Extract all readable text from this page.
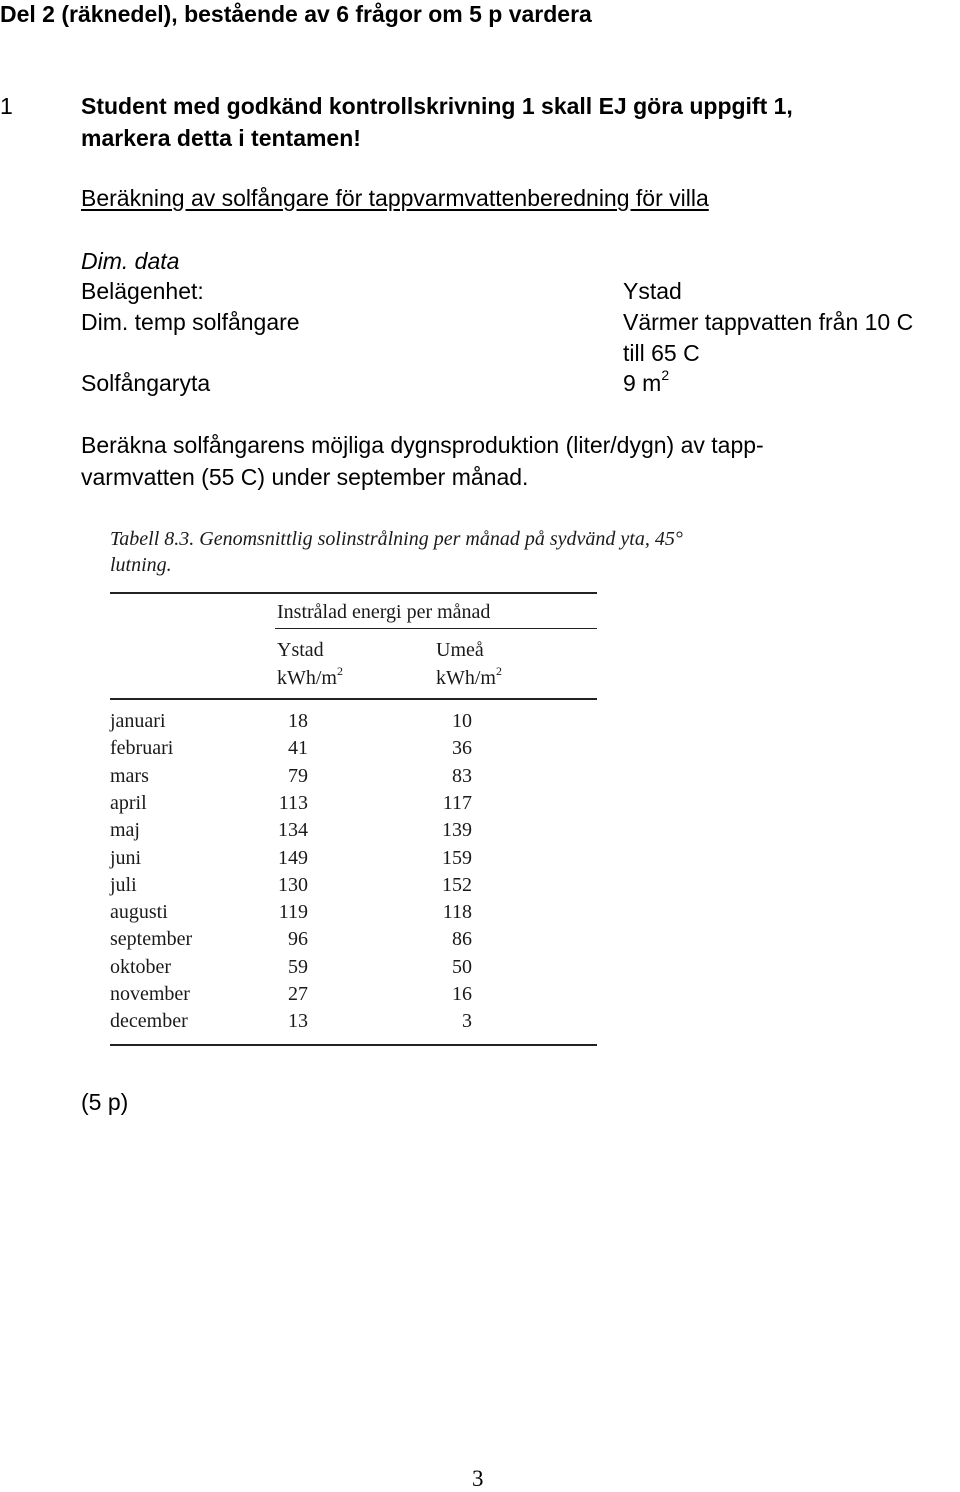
Del 2 (räknedel), bestående av 6 frågor om 5 p vardera
1	Student med godkänd kontrollskrivning 1 skall EJ göra uppgift 1,
markera detta i tentamen!
Beräkning av solfångare för tappvarmvattenberedning för villa
Dim. data
Belägenhet:	Ystad
Dim. temp solfångare	Värmer tappvatten från 10 C
till 65 C
Solfångaryta	9 $m^2$
Beräkna solfångarens möjliga dygnsproduktion (liter/dygn) av tapp-
varmvatten (55 C) under september månad.
Tabell 8.3. Genomsnittlig solinstrålning per månad på sydvänd yta, 45°
lutning.
Instrålad energi per månad
Ystad	Umeå
kWh/$m^2$	kWh/$m^2$
januari	18	10
februari	41	36
mars	79	83
april	113	117
maj	134	139
juni	149	159
juli	130	152
augusti	119	118
september	96	86
oktober	59	50
november	27	16
december	13	3
(5 p)
3
